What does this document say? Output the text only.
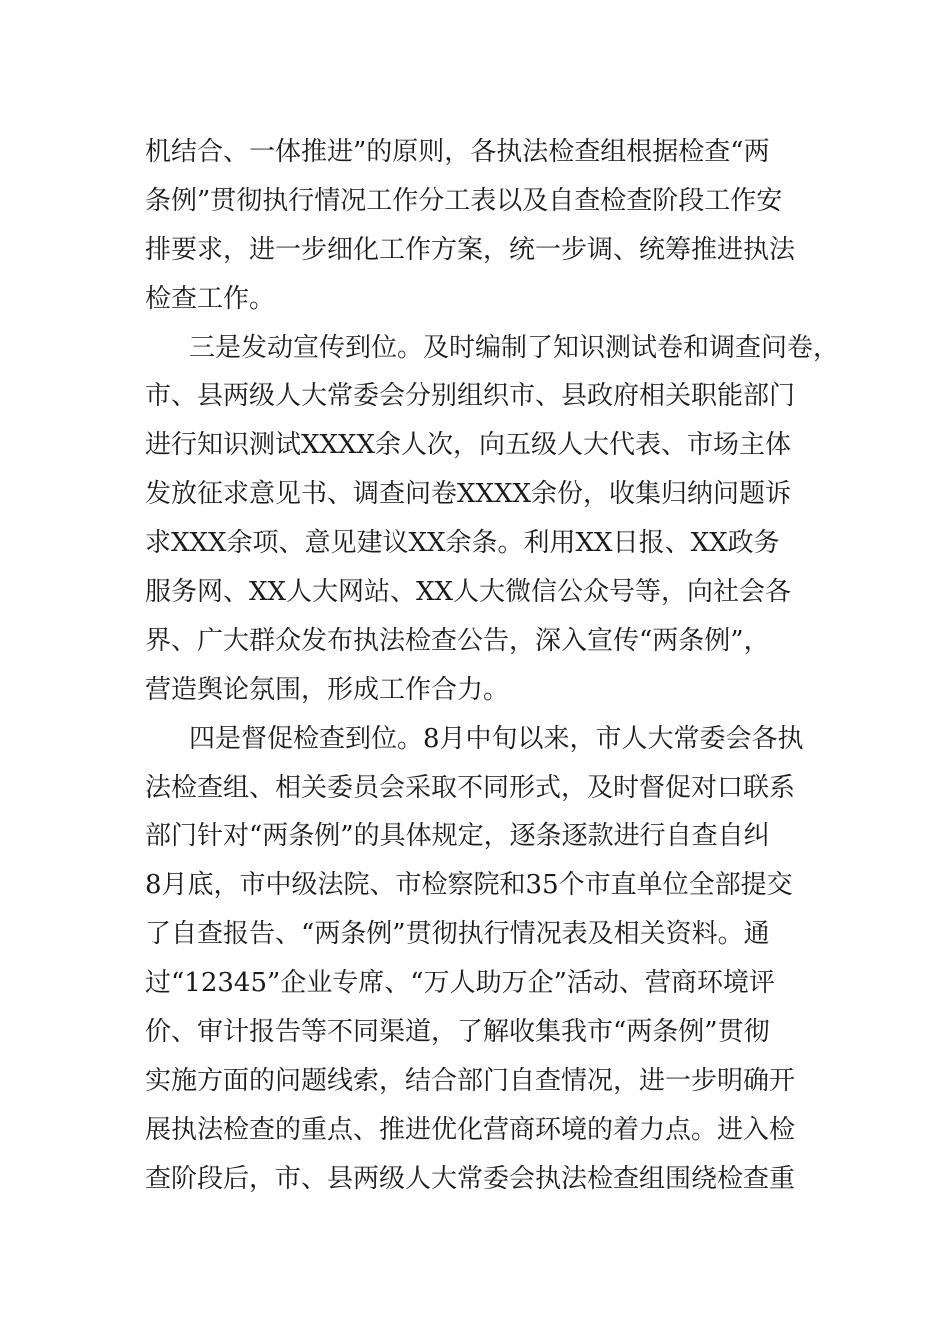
机结合、一体推进”的原则，各执法检查组根据检查“两
条例”贯彻执行情况工作分工表以及自查检查阶段工作安
排要求，进一步细化工作方案，统一步调、统筹推进执法
检查工作。
三是发动宣传到位。及时编制了知识测试卷和调查问卷，
市、县两级人大常委会分别组织市、县政府相关职能部门
进行知识测试XXXX余人次，向五级人大代表、市场主体
发放征求意见书、调查问卷XXXX余份，收集归纳问题诉
求XXX余项、意见建议XX余条。利用XX日报、XX政务
服务网、XX人大网站、XX人大微信公众号等，向社会各
界、广大群众发布执法检查公告，深入宣传“两条例”，
营造舆论氛围，形成工作合力。
四是督促检查到位。8月中旬以来，市人大常委会各执
法检查组、相关委员会采取不同形式，及时督促对口联系
部门针对“两条例”的具体规定，逐条逐款进行自查自纠
8月底，市中级法院、市检察院和35个市直单位全部提交
了自查报告、“两条例”贯彻执行情况表及相关资料。通
过“12345”企业专席、“万人助万企”活动、营商环境评
价、审计报告等不同渠道，了解收集我市“两条例”贯彻
实施方面的问题线索，结合部门自查情况，进一步明确开
展执法检查的重点、推进优化营商环境的着力点。进入检
查阶段后，市、县两级人大常委会执法检查组围绕检查重
